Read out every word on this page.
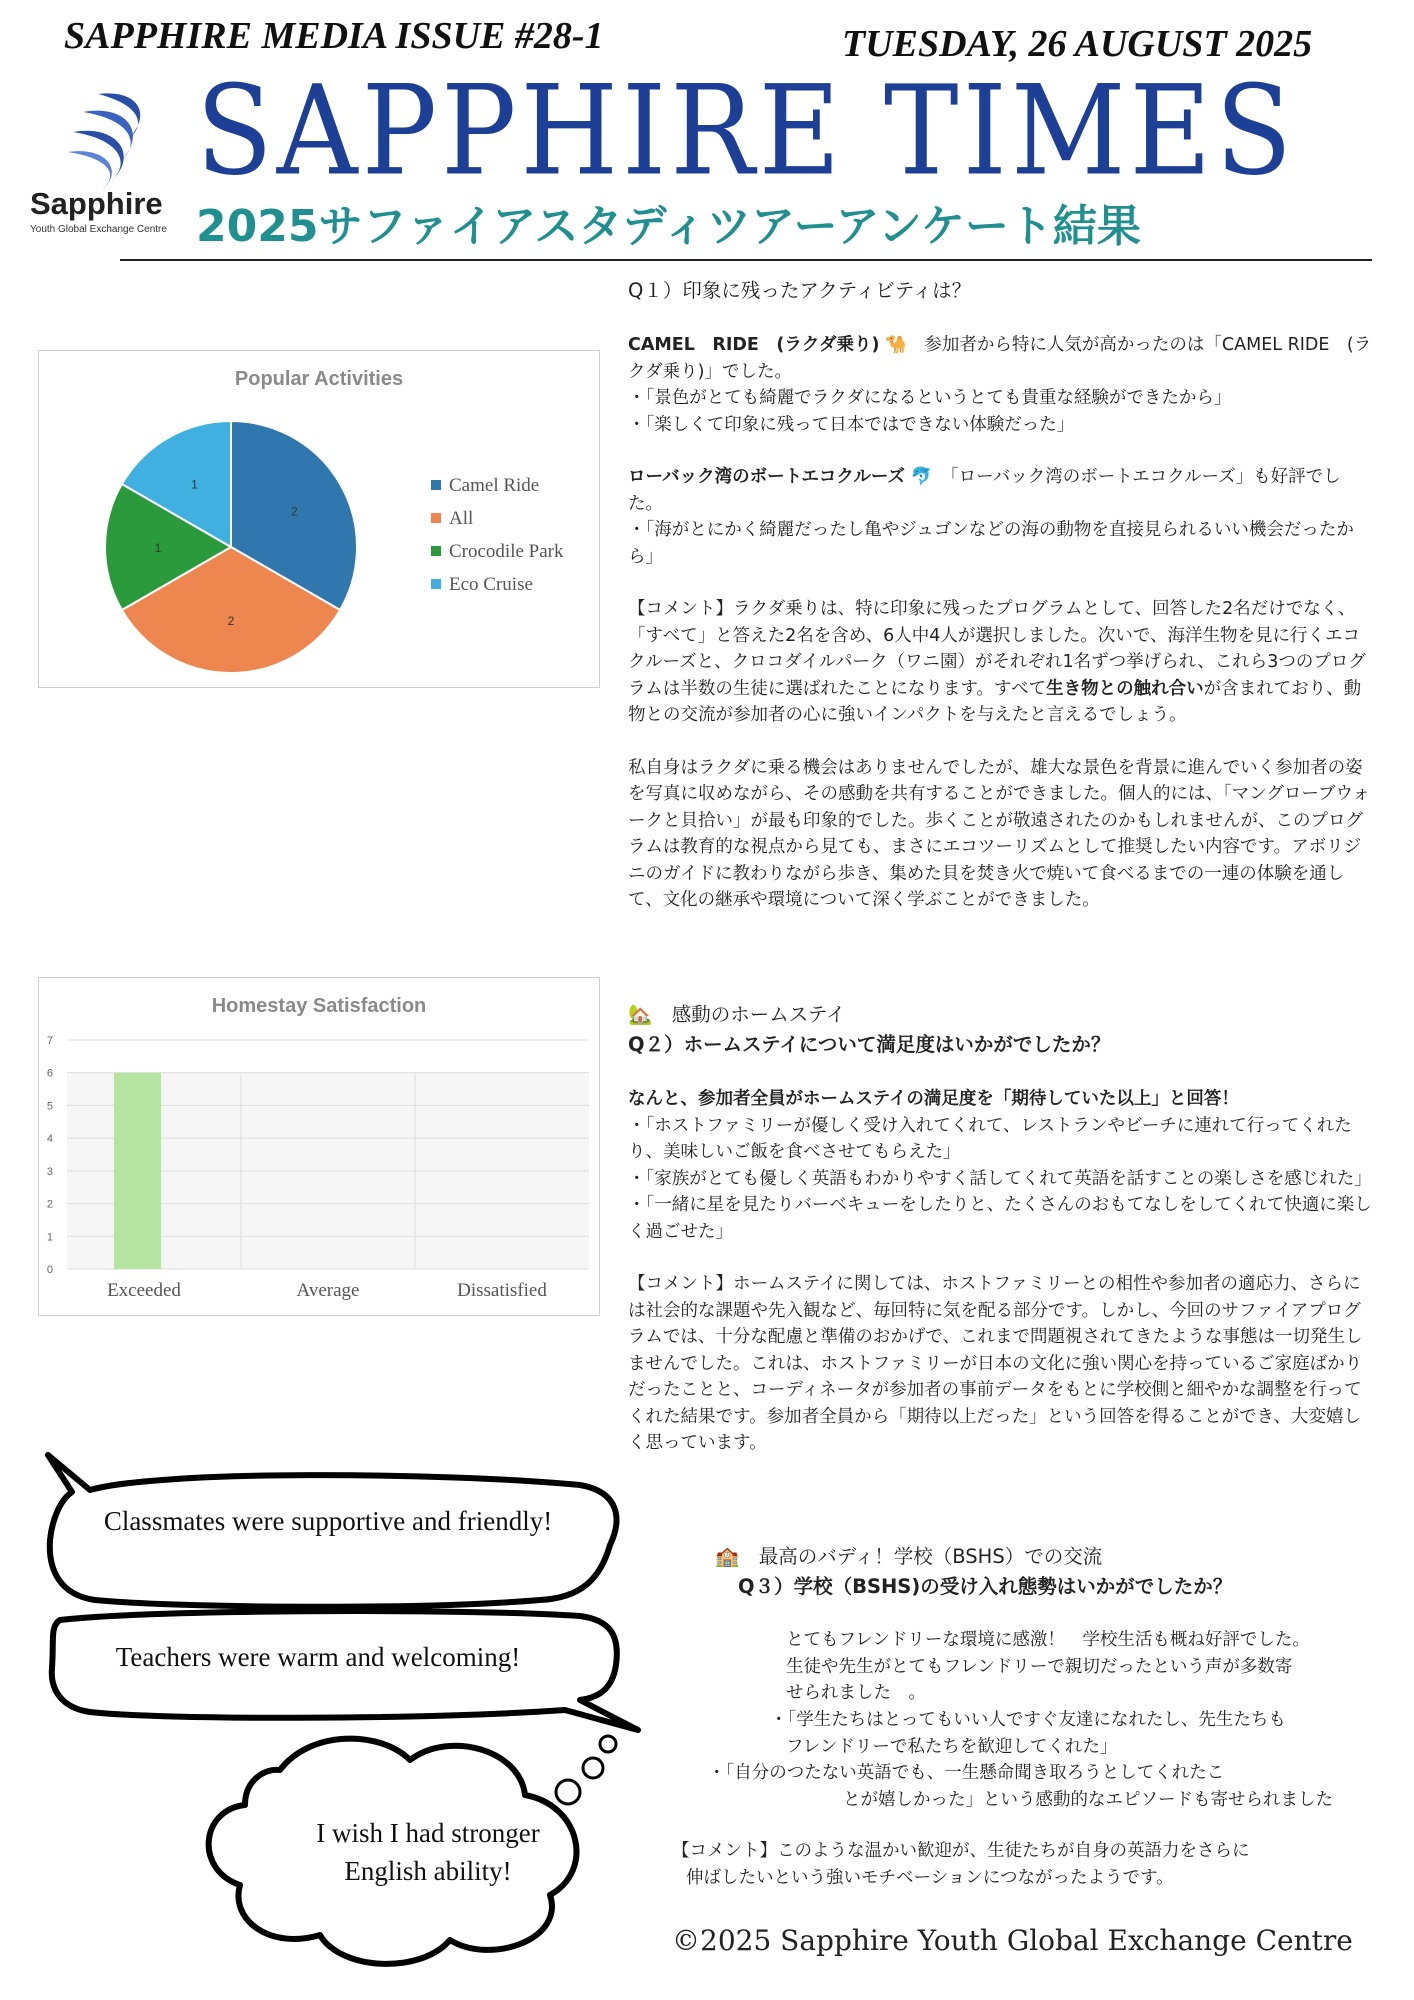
SAPPHIRE MEDIA ISSUE #28-1	TUESDAY, 26 AUGUST 2025
Sapphire
Youth Global Exchange Centre
SAPPHIRE TIMES
2025サファイアスタディツアーアンケート結果
Popular Activities
2
2
1
1	Camel Ride
All
Crocodile Park
Eco Cruise
Homestay Satisfaction
0
1
2
3
4
5
6
7
Exceeded	Average	Dissatisfied

Q１）印象に残ったアクティビティは？

CAMEL　RIDE　(ラクダ乗り) 🐪　参加者から特に人気が高かったのは「CAMEL RIDE　(ラクダ乗り)」でした。

・「景色がとても綺麗でラクダになるというとても貴重な経験ができたから」

・「楽しくて印象に残って日本ではできない体験だった」

ローバック湾のボートエコクルーズ 🐬　「ローバック湾のボートエコクルーズ」も好評でした。

・「海がとにかく綺麗だったし亀やジュゴンなどの海の動物を直接見られるいい機会だったから」

【コメント】ラクダ乗りは、特に印象に残ったプログラムとして、回答した2名だけでなく、「すべて」と答えた2名を含め、6人中4人が選択しました。次いで、海洋生物を見に行くエコクルーズと、クロコダイルパーク（ワニ園）がそれぞれ1名ずつ挙げられ、これら3つのプログラムは半数の生徒に選ばれたことになります。すべて生き物との触れ合いが含まれており、動物との交流が参加者の心に強いインパクトを与えたと言えるでしょう。

私自身はラクダに乗る機会はありませんでしたが、雄大な景色を背景に進んでいく参加者の姿を写真に収めながら、その感動を共有することができました。個人的には、「マングローブウォークと貝拾い」が最も印象的でした。歩くことが敬遠されたのかもしれませんが、このプログラムは教育的な視点から見ても、まさにエコツーリズムとして推奨したい内容です。アボリジニのガイドに教わりながら歩き、集めた貝を焚き火で焼いて食べるまでの一連の体験を通して、文化の継承や環境について深く学ぶことができました。

🏡　 感動のホームステイ

Q２）ホームステイについて満足度はいかがでしたか？

なんと、参加者全員がホームステイの満足度を「期待していた以上」と回答！

・「ホストファミリーが優しく受け入れてくれて、レストランやビーチに連れて行ってくれたり、美味しいご飯を食べさせてもらえた」

・「家族がとても優しく英語もわかりやすく話してくれて英語を話すことの楽しさを感じれた」

・「一緒に星を見たりバーベキューをしたりと、たくさんのおもてなしをしてくれて快適に楽しく過ごせた」

【コメント】ホームステイに関しては、ホストファミリーとの相性や参加者の適応力、さらには社会的な課題や先入観など、毎回特に気を配る部分です。しかし、今回のサファイアプログラムでは、十分な配慮と準備のおかげで、これまで問題視されてきたような事態は一切発生しませんでした。これは、ホストファミリーが日本の文化に強い関心を持っているご家庭ばかりだったことと、コーディネータが参加者の事前データをもとに学校側と細やかな調整を行ってくれた結果です。参加者全員から「期待以上だった」という回答を得ることができ、大変嬉しく思っています。

🏫　 最高のバディ！学校（BSHS）での交流
Q３）学校（BSHS)の受け入れ態勢はいかがでしたか？
とてもフレンドリーな環境に感激！　学校生活も概ね好評でした。
生徒や先生がとてもフレンドリーで親切だったという声が多数寄
せられました　。
・「学生たちはとってもいい人ですぐ友達になれたし、先生たちも
フレンドリーで私たちを歓迎してくれた」
・「自分のつたない英語でも、一生懸命聞き取ろうとしてくれたこ
とが嬉しかった」という感動的なエピソードも寄せられました
【コメント】このような温かい歓迎が、生徒たちが自身の英語力をさらに
伸ばしたいという強いモチベーションにつながったようです。
Classmates were supportive and friendly!
Teachers were warm and welcoming!
I wish I had stronger
English ability!
©2025 Sapphire Youth Global Exchange Centre
